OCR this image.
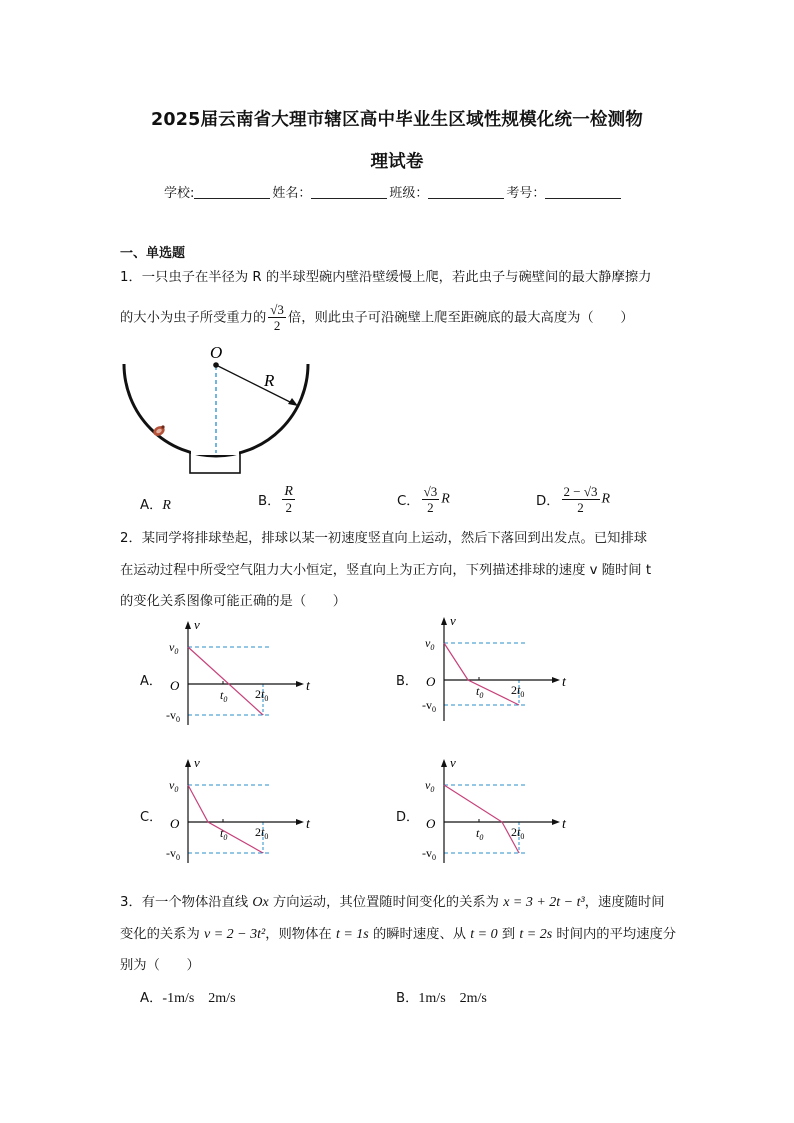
2025届云南省大理市辖区高中毕业生区域性规模化统一检测物
理试卷
学校:	姓名：	班级：	考号：
一、单选题
1．一只虫子在半径为 R 的半球型碗内壁沿壁缓慢上爬，若此虫子与碗壁间的最大静摩擦力
的大小为虫子所受重力的 $\frac{√3}{2}$ 倍，则此虫子可沿碗壁上爬至距碗底的最大高度为（　　）
O
R
A．R	B． $\frac{R}{2}$	C． $\frac{√3}{2}$ R	D． $\frac{2 - √3}{2}$ R
2．某同学将排球垫起，排球以某一初速度竖直向上运动，然后下落回到出发点。已知排球
在运动过程中所受空气阻力大小恒定，竖直向上为正方向，下列描述排球的速度 v 随时间 t
的变化关系图像可能正确的是（　　）
A．	B．
C．	D．
v
t
O
$v_0$
$-v_0$
$t_0$ $2t_0$
v
t
O
$v_0$
$-v_0$
$t_0$ $2t_0$
v
t
O
$v_0$
$-v_0$
$t_0$ $2t_0$
v
t
O
$v_0$
$-v_0$
$t_0$ $2t_0$
3．有一个物体沿直线 Ox 方向运动，其位置随时间变化的关系为 x = 3 + 2t − t³，速度随时间
变化的关系为 v = 2 − 3t²，则物体在 t = 1s 的瞬时速度、从 t = 0 到 t = 2s 时间内的平均速度分
别为（　　）
A．-1m/s　2m/s	B．1m/s　2m/s
